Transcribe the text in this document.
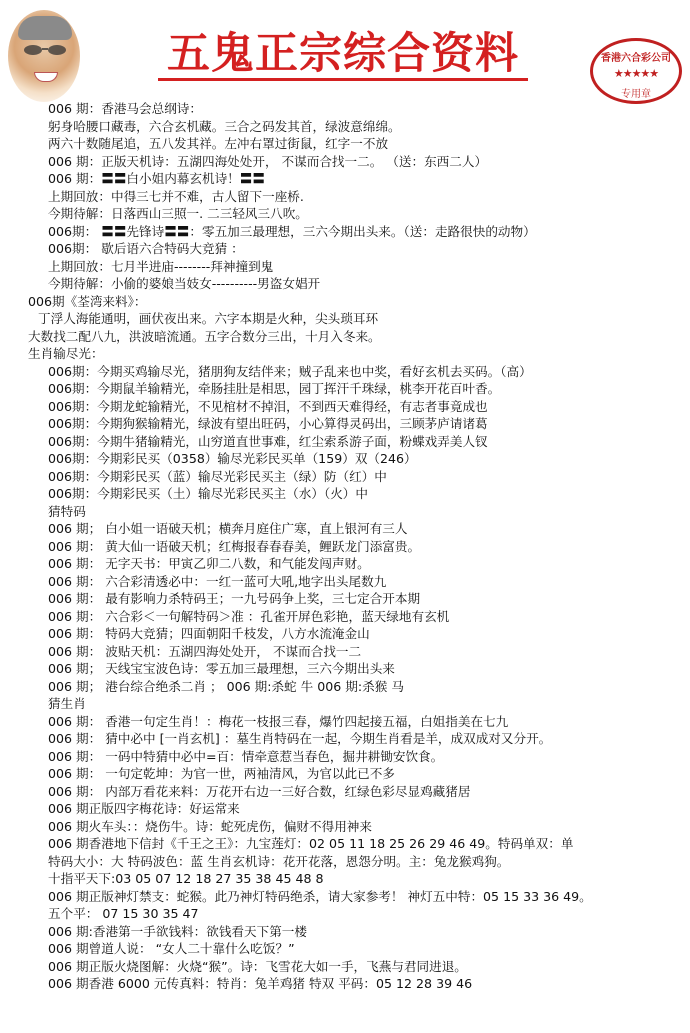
五鬼正宗综合资料	香港六合彩公司
★★★★★
专用章
006 期：香港马会总纲诗：
躬身哈腰口藏毒，六合玄机藏。三合之码发其首，绿波意绵绵。
两六十数随尾追，五八发其祥。左冲右罩过街鼠，红字一不放
006 期：正版天机诗：五湖四海处处开， 不谋而合找一二。 （送：东西二人）
006 期：〓〓白小姐内幕玄机诗！〓〓
上期回放：中得三七并不难，古人留下一座桥.
今期待解：日落西山三照一. 二三轻风三八吹。
006期： 〓〓先锋诗〓〓：零五加三最理想，三六今期出头来。（送：走路很快的动物）
006期： 歇后语六合特码大竞猜 ：
上期回放：七月半进庙--------拜神撞到鬼
今期待解：小偷的婆娘当妓女----------男盗女娼开
006期《荃湾来料》：
丁浮人海能通明，画伏夜出来。六字本期是火种，尖头琐耳环
大数找二配八九，洪波暗流通。五字合数分三出，十月入冬来。
生肖输尽光：
006期：今期买鸡输尽光，猪朋狗友结伴来；贼子乱来也中奖，看好玄机去买码。（高）
006期：今期鼠羊输精光，牵肠挂肚是相思，园丁挥汗千珠绿，桃李开花百叶香。
006期：今期龙蛇输精光，不见棺材不掉泪，不到西天难得经，有志者事竟成也
006期：今期狗猴输精光，绿波有望出旺码，小心算得灵码出，三顾茅庐请诸葛
006期：今期牛猪输精光，山穷道直世事难，红尘索系游子面，粉蝶戏弄美人钗
006期：今期彩民买（0358）输尽光彩民买单（159）双（246）
006期：今期彩民买（蓝）输尽光彩民买主（绿）防（红）中
006期：今期彩民买（土）输尽光彩民买主（水）（火）中
猜特码
006 期； 白小姐一语破天机；横奔月庭住广寒，直上银河有三人
006 期： 黄大仙一语破天机；红梅报春春春美，鲤跃龙门添富贵。
006 期： 无字天书：甲寅乙卯二八数，和气能发闯声财。
006 期： 六合彩清透必中：一红一蓝可大吼,地字出头尾数九
006 期： 最有影响力杀特码王；一九号码争上奖，三七定合开本期
006 期： 六合彩＜一句解特码＞准 ：孔雀开屏色彩艳，蓝天绿地有玄机
006 期： 特码大竞猜；四面朝阳千枝发，八方水流淹金山
006 期： 波贴天机：五湖四海处处开， 不谋而合找一二
006 期； 天线宝宝波色诗：零五加三最理想，三六今期出头来
006 期； 港台综合绝杀二肖 ； 006 期:杀蛇 牛 006 期:杀猴 马
猜生肖
006 期： 香港一句定生肖！：梅花一枝报三春，爆竹四起接五福，白姐指美在七九
006 期： 猜中必中 [一肖玄机] ：墓生肖特码在一起，今期生肖看是羊，成双成对又分开。
006 期： 一码中特猜中必中=百：情牵意惹当春色，掘井耕锄安饮食。
006 期： 一句定乾坤：为官一世，两袖清风，为官以此已不多
006 期： 内部万看花来料：万花开右边一三好合数，红绿色彩尽显鸡藏猪居
006 期正版四字梅花诗：好运常来
006 期火车头：：烧伤牛。诗：蛇死虎伤，偏财不得用神来
006 期香港地下信封《千王之王》：九宝莲灯：02 05 11 18 25 26 29 46 49。特码单双：单
特码大小：大 特码波色：蓝 生肖玄机诗：花开花落，恩怨分明。主：兔龙猴鸡狗。
十指平天下:03 05 07 12 18 27 35 38 45 48 8
006 期正版神灯禁支：蛇猴。此乃神灯特码绝杀，请大家参考！ 神灯五中特：05 15 33 36 49。
五个平： 07 15 30 35 47
006 期:香港第一手欲钱料：欲钱看天下第一楼
006 期曾道人说： “女人二十靠什么吃饭？”
006 期正版火烧图解：火烧“猴”。诗：飞雪花大如一手，飞燕与君同进退。
006 期香港 6000 元传真料：特肖：兔羊鸡猪 特双 平码：05 12 28 39 46
